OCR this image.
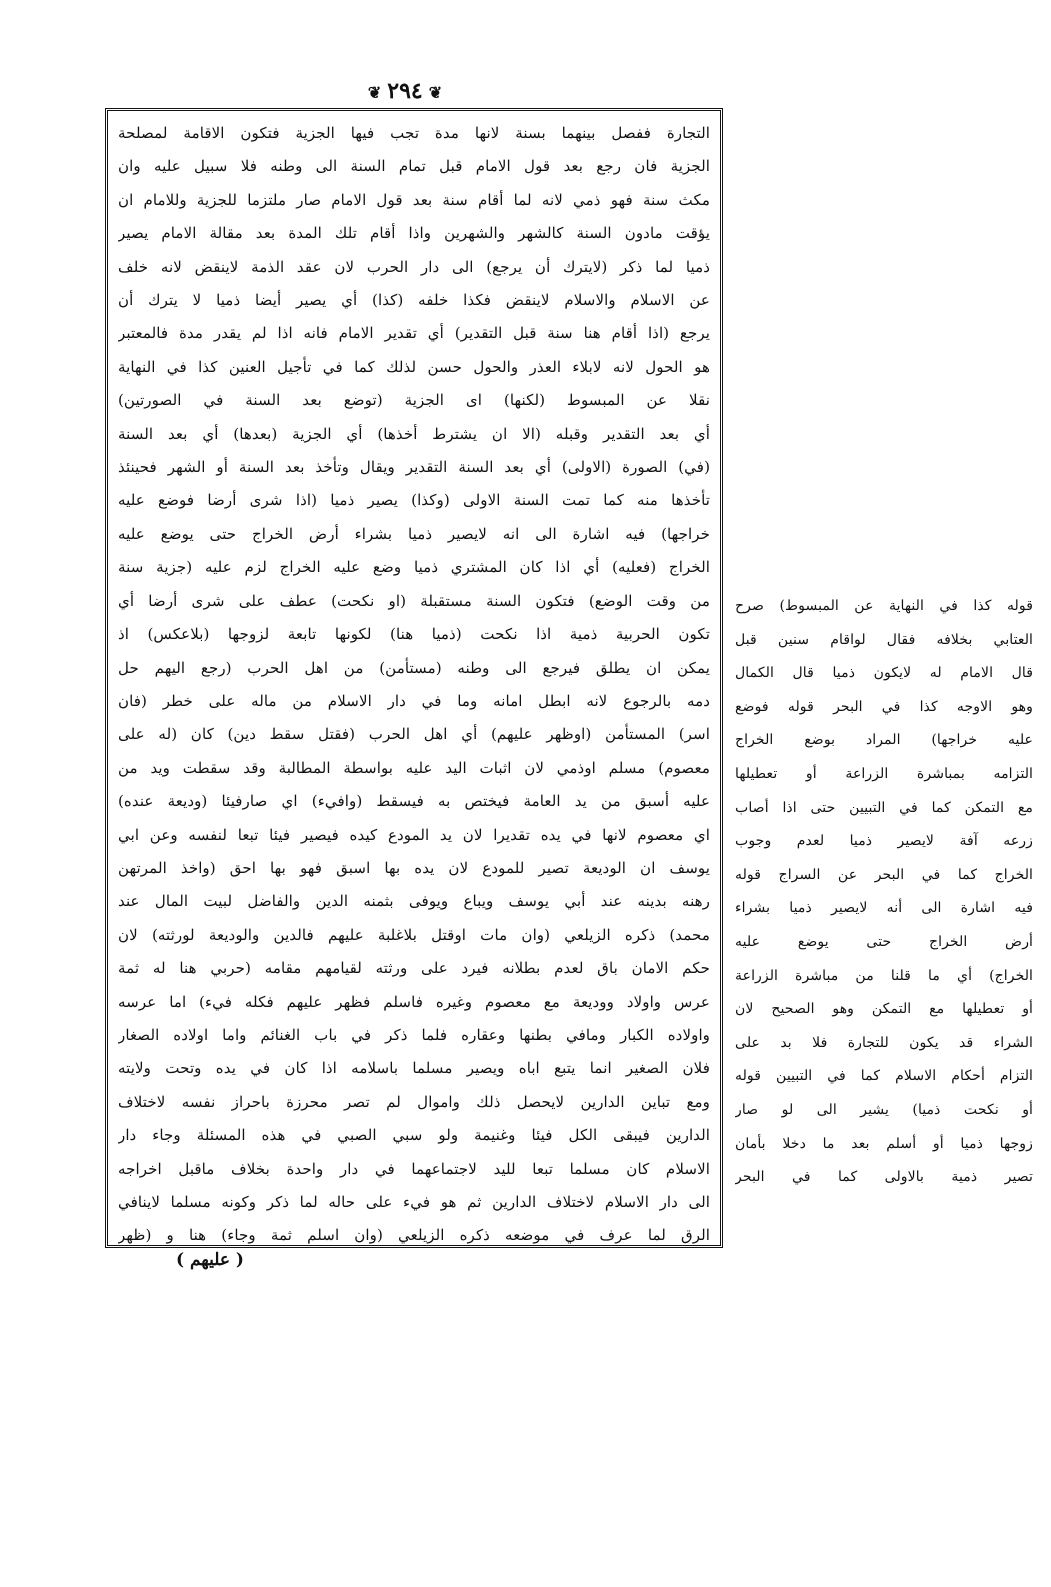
❦٢٩٤❦
التجارة ففصل بينهما بسنة لانها مدة تجب فيها الجزية فتكون الاقامة لمصلحة
الجزية فان رجع بعد قول الامام قبل تمام السنة الى وطنه فلا سبيل عليه وان
مكث سنة فهو ذمي لانه لما أقام سنة بعد قول الامام صار ملتزما للجزية وللامام ان
يؤقت مادون السنة كالشهر والشهرين واذا أقام تلك المدة بعد مقالة الامام يصير
ذميا لما ذكر (لايترك أن يرجع) الى دار الحرب لان عقد الذمة لاينقض لانه خلف
عن الاسلام والاسلام لاينقض فكذا خلفه (كذا) أي يصير أيضا ذميا لا يترك أن
يرجع (اذا أقام هنا سنة قبل التقدير) أي تقدير الامام فانه اذا لم يقدر مدة فالمعتبر
هو الحول لانه لابلاء العذر والحول حسن لذلك كما في تأجيل العنين كذا في النهاية
نقلا عن المبسوط (لكنها) اى الجزية (توضع بعد السنة في الصورتين)
أي بعد التقدير وقبله (الا ان يشترط أخذها) أي الجزية (بعدها) أي بعد السنة
(في) الصورة (الاولى) أي بعد السنة التقدير ويقال وتأخذ بعد السنة أو الشهر فحينئذ
تأخذها منه كما تمت السنة الاولى (وكذا) يصير ذميا (اذا شرى أرضا فوضع عليه
خراجها) فيه اشارة الى انه لايصير ذميا بشراء أرض الخراج حتى يوضع عليه
الخراج (فعليه) أي اذا كان المشتري ذميا وضع عليه الخراج لزم عليه (جزية سنة
من وقت الوضع) فتكون السنة مستقبلة (او نكحت) عطف على شرى أرضا أي
تكون الحربية ذمية اذا نكحت (ذميا هنا) لكونها تابعة لزوجها (بلاعكس) اذ
يمكن ان يطلق فيرجع الى وطنه (مستأمن) من اهل الحرب (رجع اليهم حل
دمه بالرجوع لانه ابطل امانه وما في دار الاسلام من ماله على خطر (فان
اسر) المستأمن (اوظهر عليهم) أي اهل الحرب (فقتل سقط دين) كان (له على
معصوم) مسلم اوذمي لان اثبات اليد عليه بواسطة المطالبة وقد سقطت ويد من
عليه أسبق من يد العامة فيختص به فيسقط (وافيء) اي صارفيئا (وديعة عنده)
اي معصوم لانها في يده تقديرا لان يد المودع كيده فيصير فيئا تبعا لنفسه وعن ابي
يوسف ان الوديعة تصير للمودع لان يده بها اسبق فهو بها احق (واخذ المرتهن
رهنه بدينه عند أبي يوسف ويباع ويوفى بثمنه الدين والفاضل لبيت المال عند
محمد) ذكره الزيلعي (وان مات اوقتل بلاغلبة عليهم فالدين والوديعة لورثته) لان
حكم الامان باق لعدم بطلانه فيرد على ورثته لقيامهم مقامه (حربي هنا له ثمة
عرس واولاد ووديعة مع معصوم وغيره فاسلم فظهر عليهم فكله فيء) اما عرسه
واولاده الكبار ومافي بطنها وعقاره فلما ذكر في باب الغنائم واما اولاده الصغار
فلان الصغير انما يتبع اباه ويصير مسلما باسلامه اذا كان في يده وتحت ولايته
ومع تباين الدارين لايحصل ذلك واموال لم تصر محرزة باحراز نفسه لاختلاف
الدارين فيبقى الكل فيئا وغنيمة ولو سبي الصبي في هذه المسئلة وجاء دار
الاسلام كان مسلما تبعا لليد لاجتماعهما في دار واحدة بخلاف ماقبل اخراجه
الى دار الاسلام لاختلاف الدارين ثم هو فيء على حاله لما ذكر وكونه مسلما لاينافي
الرق لما عرف في موضعه ذكره الزيلعي (وان اسلم ثمة وجاء) هنا و (ظهر
قوله كذا في النهاية عن المبسوط) صرح
العتابي بخلافه فقال لواقام سنين قبل
قال الامام له لايكون ذميا قال الكمال
وهو الاوجه كذا في البحر قوله فوضع
عليه خراجها) المراد بوضع الخراج
التزامه بمباشرة الزراعة أو تعطيلها
مع التمكن كما في التبيين حتى اذا أصاب
زرعه آفة لايصير ذميا لعدم وجوب
الخراج كما في البحر عن السراج قوله
فيه اشارة الى أنه لايصير ذميا بشراء
أرض الخراج حتى يوضع عليه
الخراج) أي ما قلنا من مباشرة الزراعة
أو تعطيلها مع التمكن وهو الصحيح لان
الشراء قد يكون للتجارة فلا بد على
التزام أحكام الاسلام كما في التبيين قوله
أو نكحت ذميا) يشير الى لو صار
زوجها ذميا أو أسلم بعد ما دخلا بأمان
تصير ذمية بالاولى كما في البحر
( عليهم )
